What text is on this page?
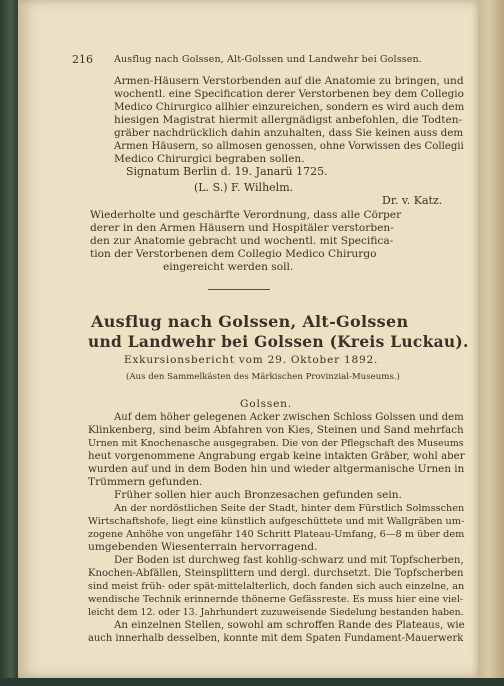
216 Ausflug nach Golssen, Alt-Golssen und Landwehr bei Golssen.
Armen-Häusern Verstorbenden auf die Anatomie zu bringen, und
wochentl. eine Specification derer Verstorbenen bey dem Collegio
Medico Chirurgico allhier einzureichen, sondern es wird auch dem
hiesigen Magistrat hiermit allergnädigst anbefohlen, die Todten-
gräber nachdrücklich dahin anzuhalten, dass Sie keinen auss dem
Armen Häusern, so allmosen genossen, ohne Vorwissen des Collegii
Medico Chirurgici begraben sollen.
Signatum Berlin d. 19. Janarü 1725.
(L. S.) F. Wilhelm.
Dr. v. Katz.
Wiederholte und geschärfte Verordnung, dass alle Cörper
derer in den Armen Häusern und Hospitäler verstorben-
den zur Anatomie gebracht und wochentl. mit Specifica-
tion der Verstorbenen dem Collegio Medico Chirurgo
eingereicht werden soll.
Ausflug nach Golssen, Alt-Golssen
und Landwehr bei Golssen (Kreis Luckau).
Exkursionsbericht vom 29. Oktober 1892.
(Aus den Sammelkästen des Märkischen Provinzial-Museums.)
Golssen.
Auf dem höher gelegenen Acker zwischen Schloss Golssen und dem
Klinkenberg, sind beim Abfahren von Kies, Steinen und Sand mehrfach
Urnen mit Knochenasche ausgegraben. Die von der Pflegschaft des Museums
heut vorgenommene Angrabung ergab keine intakten Gräber, wohl aber
wurden auf und in dem Boden hin und wieder altgermanische Urnen in
Trümmern gefunden.
Früher sollen hier auch Bronzesachen gefunden sein.
An der nordöstlichen Seite der Stadt, hinter dem Fürstlich Solmsschen
Wirtschaftshofe, liegt eine künstlich aufgeschüttete und mit Wallgräben um-
zogene Anhöhe von ungefähr 140 Schritt Plateau-Umfang, 6—8 m über dem
umgebenden Wiesenterrain hervorragend.
Der Boden ist durchweg fast kohlig-schwarz und mit Topfscherben,
Knochen-Abfällen, Steinsplittern und dergl. durchsetzt. Die Topfscherben
sind meist früh- oder spät-mittelalterlich, doch fanden sich auch einzelne, an
wendische Technik erinnernde thönerne Gefässreste. Es muss hier eine viel-
leicht dem 12. oder 13. Jahrhundert zuzuweisende Siedelung bestanden haben.
An einzelnen Stellen, sowohl am schroffen Rande des Plateaus, wie
auch innerhalb desselben, konnte mit dem Spaten Fundament-Mauerwerk
